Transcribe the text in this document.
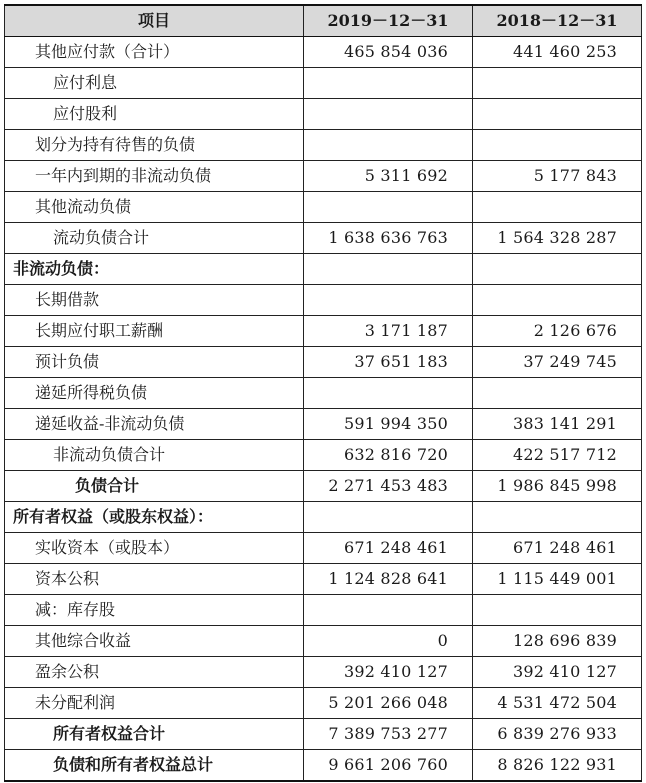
项目	2019－12－31	2018－12－31
其他应付款（合计）	465 854 036	441 460 253
应付利息		
应付股利		
划分为持有待售的负债		
一年内到期的非流动负债	5 311 692	5 177 843
其他流动负债		
流动负债合计	1 638 636 763	1 564 328 287
非流动负债：		
长期借款		
长期应付职工薪酬	3 171 187	2 126 676
预计负债	37 651 183	37 249 745
递延所得税负债		
递延收益-非流动负债	591 994 350	383 141 291
非流动负债合计	632 816 720	422 517 712
负债合计	2 271 453 483	1 986 845 998
所有者权益（或股东权益）：		
实收资本（或股本）	671 248 461	671 248 461
资本公积	1 124 828 641	1 115 449 001
减：库存股		
其他综合收益	0	128 696 839
盈余公积	392 410 127	392 410 127
未分配利润	5 201 266 048	4 531 472 504
所有者权益合计	7 389 753 277	6 839 276 933
负债和所有者权益总计	9 661 206 760	8 826 122 931
